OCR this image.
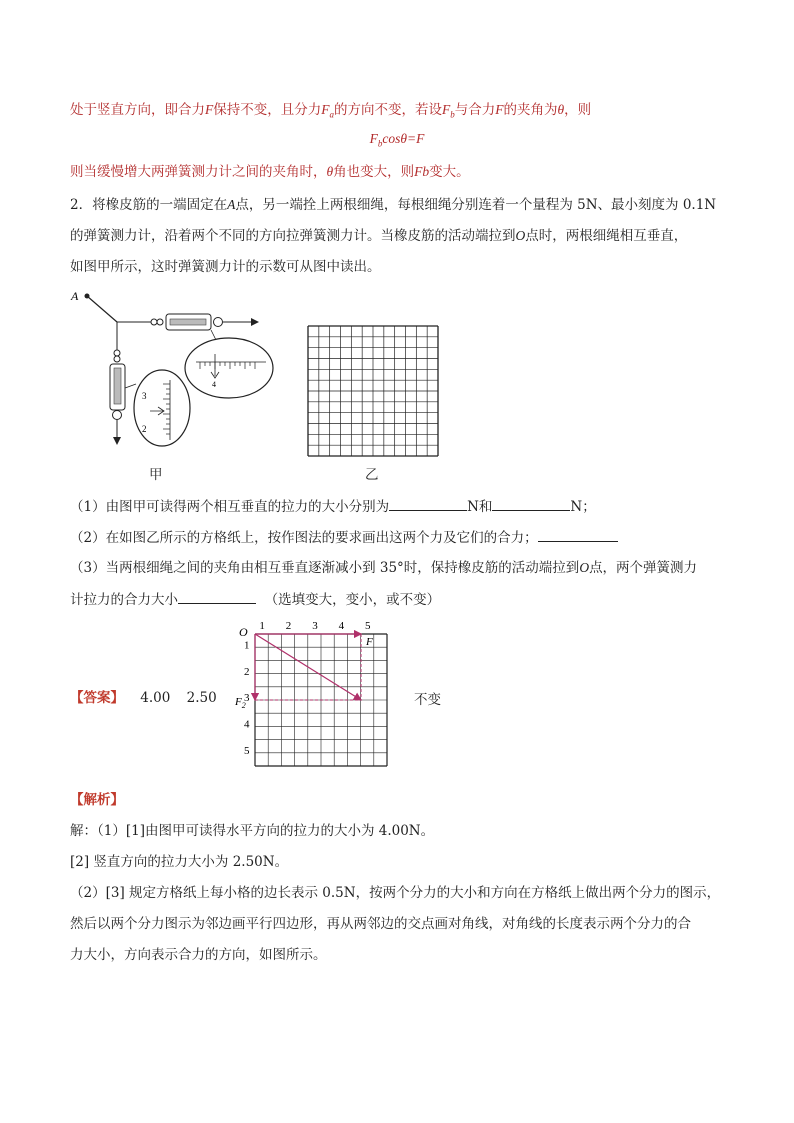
处于竖直方向，即合力F保持不变，且分力$F_a$的方向不变，若设$F_b$与合力F的夹角为θ，则
$F_b\cos\theta=F$
则当缓慢增大两弹簧测力计之间的夹角时，θ角也变大，则Fb变大。
2．将橡皮筋的一端固定在A点，另一端拴上两根细绳，每根细绳分别连着一个量程为 5N、最小刻度为 0.1N
的弹簧测力计，沿着两个不同的方向拉弹簧测力计。当橡皮筋的活动端拉到O点时，两根细绳相互垂直，
如图甲所示，这时弹簧测力计的示数可从图中读出。
A
4
3
2
甲	乙
（1）由图甲可读得两个相互垂直的拉力的大小分别为	N和	N；
（2）在如图乙所示的方格纸上，按作图法的要求画出这两个力及它们的合力；
（3）当两根细绳之间的夹角由相互垂直逐渐减小到 35°时，保持橡皮筋的活动端拉到O点，两个弹簧测力
计拉力的合力大小	（选填变大，变小，或不变）
【答案】 4.00 2.50	不变
O 1 2 3 4 5
1
2
3
4
5
F
$F_2$
【解析】
解：（1）[1]由图甲可读得水平方向的拉力的大小为 4.00N。
[2] 竖直方向的拉力大小为 2.50N。
（2）[3] 规定方格纸上每小格的边长表示 0.5N，按两个分力的大小和方向在方格纸上做出两个分力的图示，
然后以两个分力图示为邻边画平行四边形，再从两邻边的交点画对角线，对角线的长度表示两个分力的合
力大小，方向表示合力的方向，如图所示。
